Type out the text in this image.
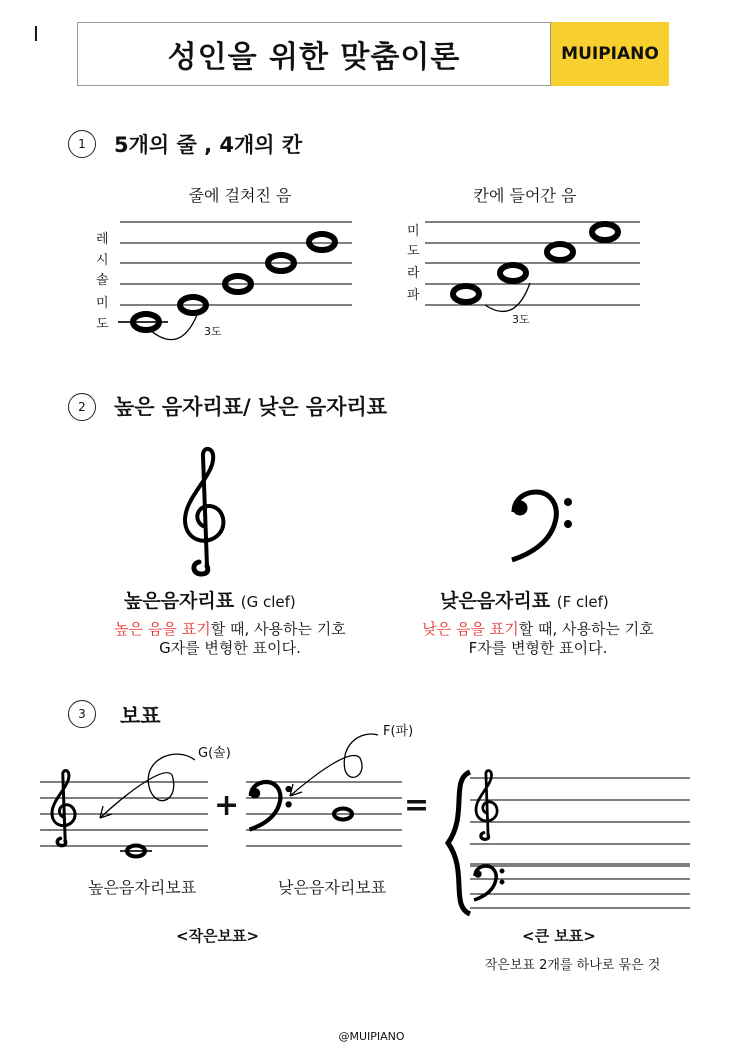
I
성인을 위한 맞춤이론	MUIPIANO
1	5개의 줄 , 4개의 칸
줄에 걸쳐진 음	칸에 들어간 음
레
시
솔
미
도	3도
미
도
라
파
3도
2	높은 음자리표/ 낮은 음자리표
높은음자리표 (G clef)
높은 음을 표기할 때, 사용하는 기호
G자를 변형한 표이다.
낮은음자리표 (F clef)
낮은 음을 표기할 때, 사용하는 기호
F자를 변형한 표이다.
3	보표
G(솔)
F(파)
+	=
높은음자리보표	낮은음자리보표
<작은보표>	<큰 보표>
작은보표 2개를 하나로 묶은 것
@MUIPIANO
